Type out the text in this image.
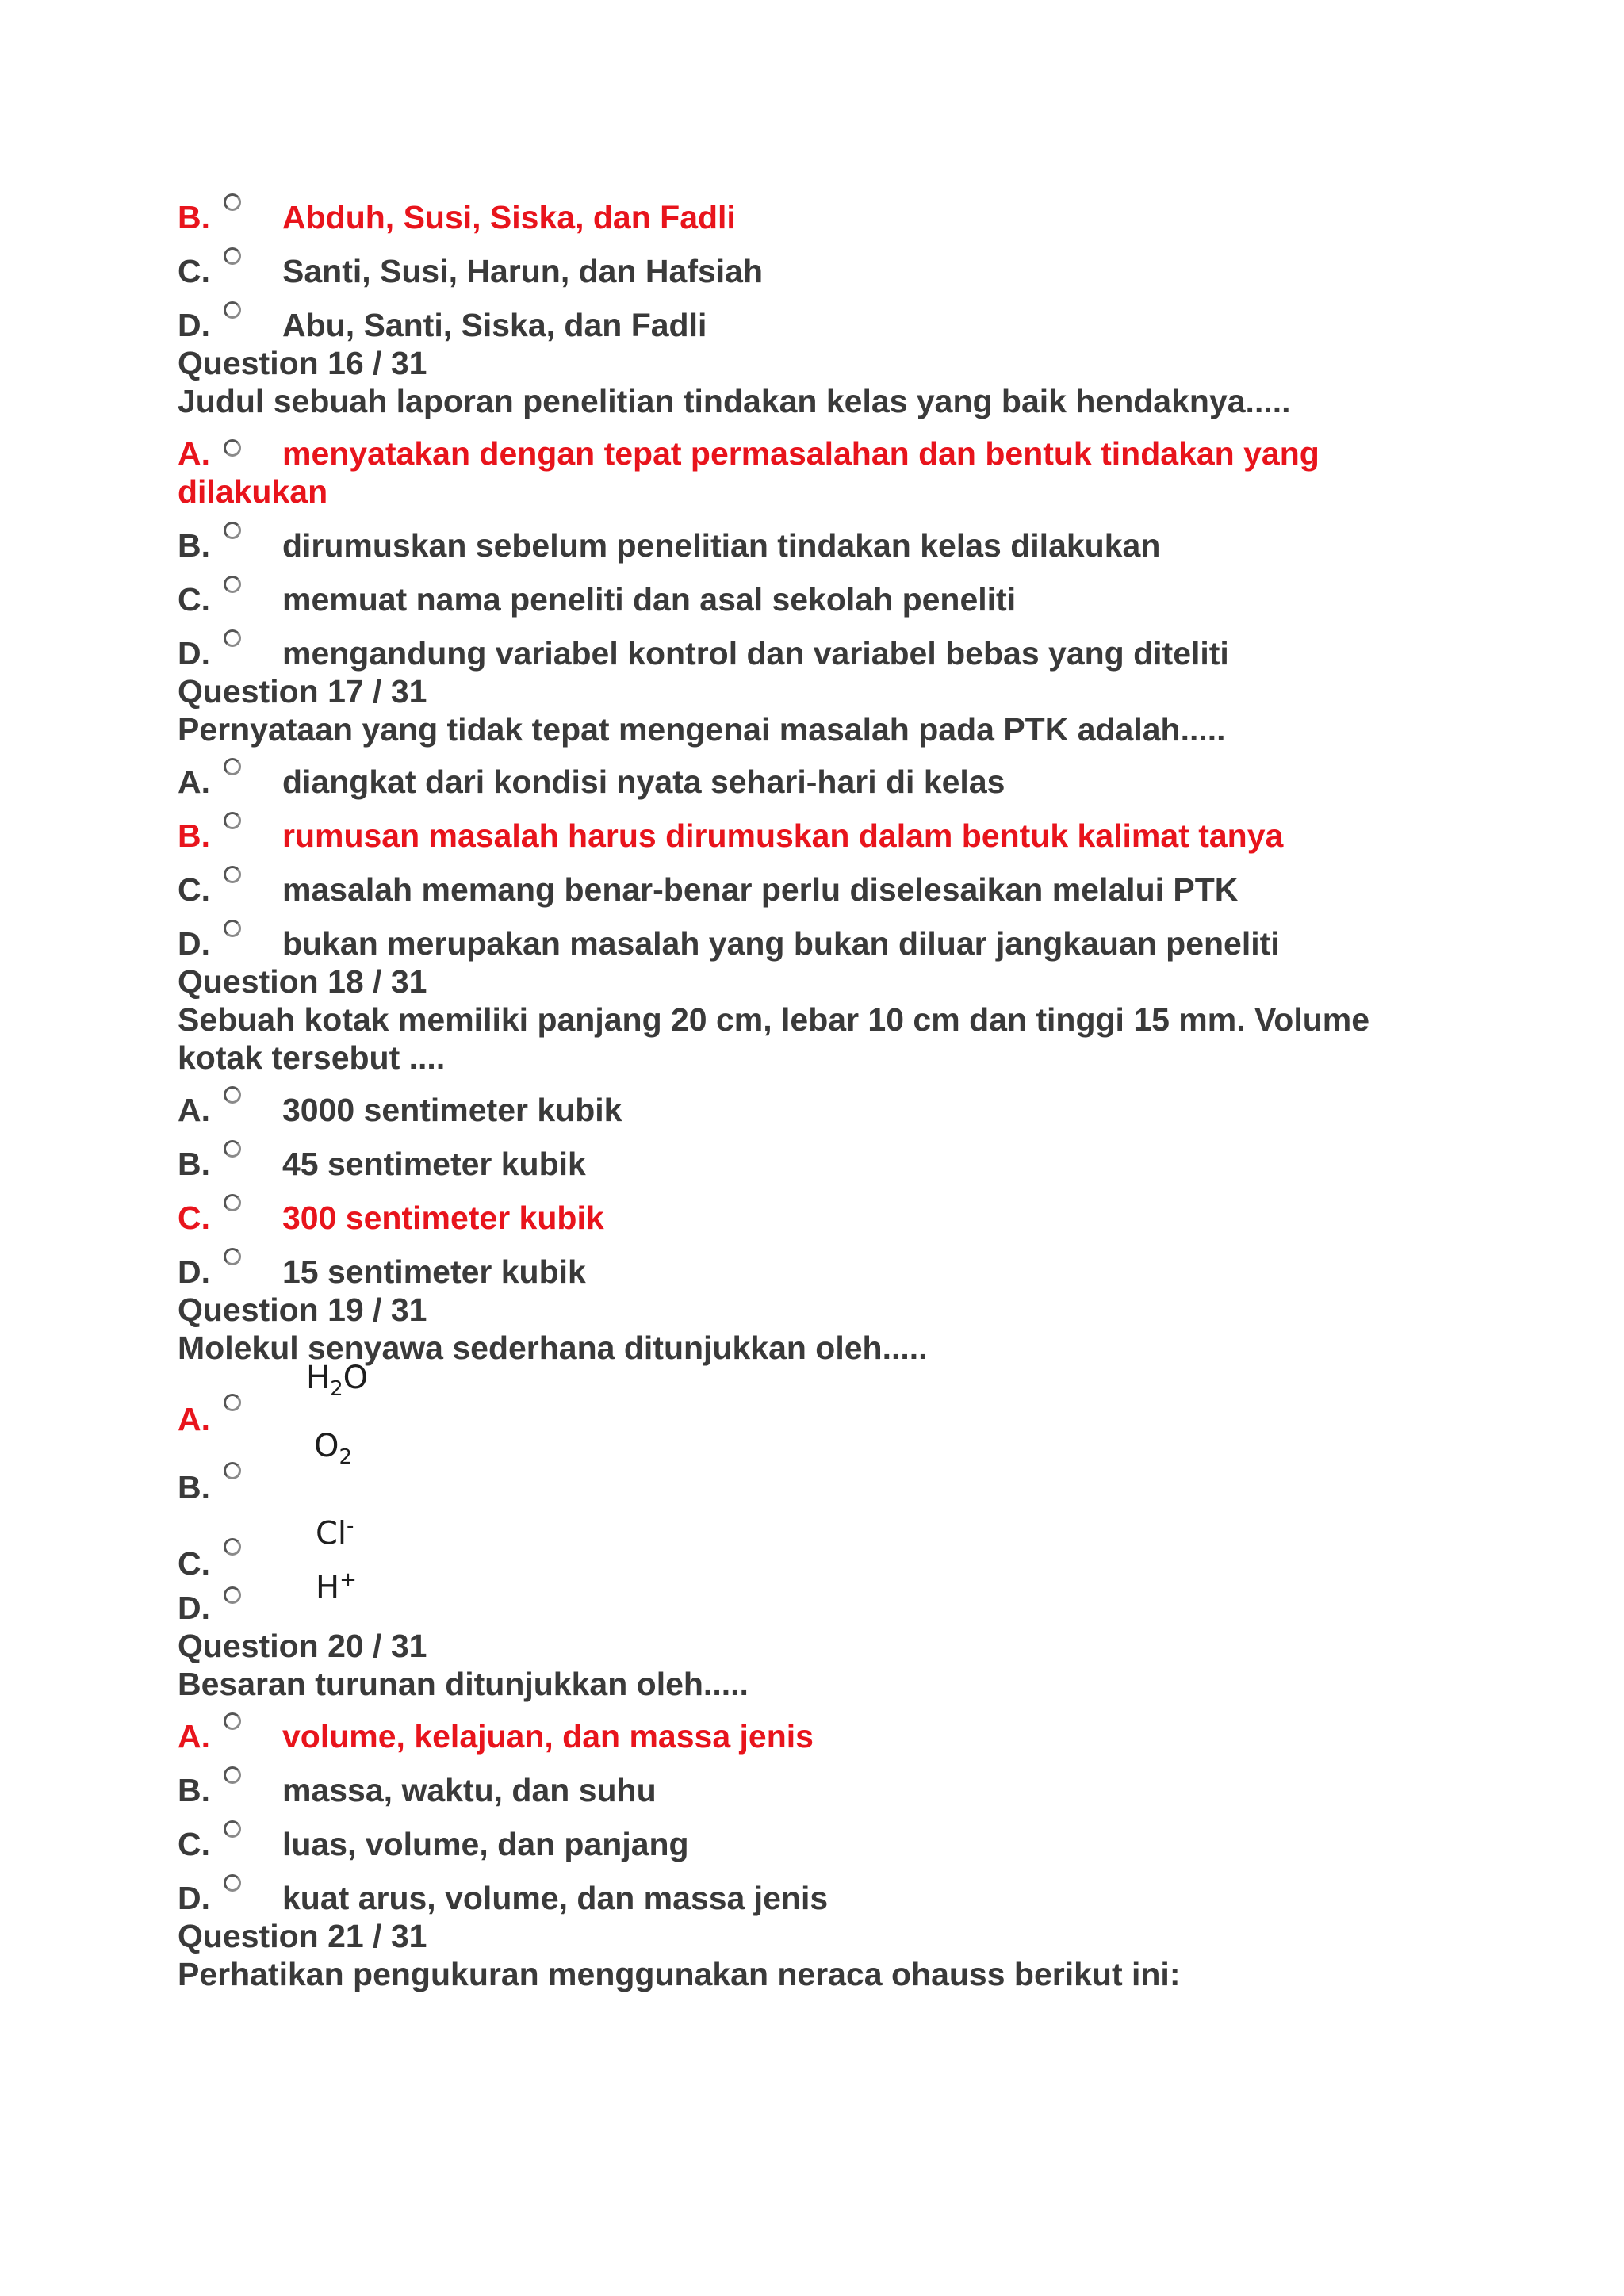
B.	Abduh, Susi, Siska, dan Fadli
C.	Santi, Susi, Harun, dan Hafsiah
D.	Abu, Santi, Siska, dan Fadli

Question 16 / 31

Judul sebuah laporan penelitian tindakan kelas yang baik hendaknya.....

A. menyatakan dengan tepat permasalahan dan bentuk tindakan yang dilakukan
B.	dirumuskan sebelum penelitian tindakan kelas dilakukan
C.	memuat nama peneliti dan asal sekolah peneliti
D.	mengandung variabel kontrol dan variabel bebas yang diteliti

Question 17 / 31

Pernyataan yang tidak tepat mengenai masalah pada PTK adalah.....

A.	diangkat dari kondisi nyata sehari-hari di kelas
B.	rumusan masalah harus dirumuskan dalam bentuk kalimat tanya
C.	masalah memang benar-benar perlu diselesaikan melalui PTK
D.	bukan merupakan masalah yang bukan diluar jangkauan peneliti

Question 18 / 31

Sebuah kotak memiliki panjang 20 cm, lebar 10 cm dan tinggi 15 mm. Volume kotak tersebut ....

A.	3000 sentimeter kubik
B.	45 sentimeter kubik
C.	300 sentimeter kubik
D.	15 sentimeter kubik

Question 19 / 31

Molekul senyawa sederhana ditunjukkan oleh.....

A.
$H_2O$
B.
$O_2$
C.
Cl-
D.
H+

Question 20 / 31

Besaran turunan ditunjukkan oleh.....

A.	volume, kelajuan, dan massa jenis
B.	massa, waktu, dan suhu
C.	luas, volume, dan panjang
D.	kuat arus, volume, dan massa jenis

Question 21 / 31

Perhatikan pengukuran menggunakan neraca ohauss berikut ini:
